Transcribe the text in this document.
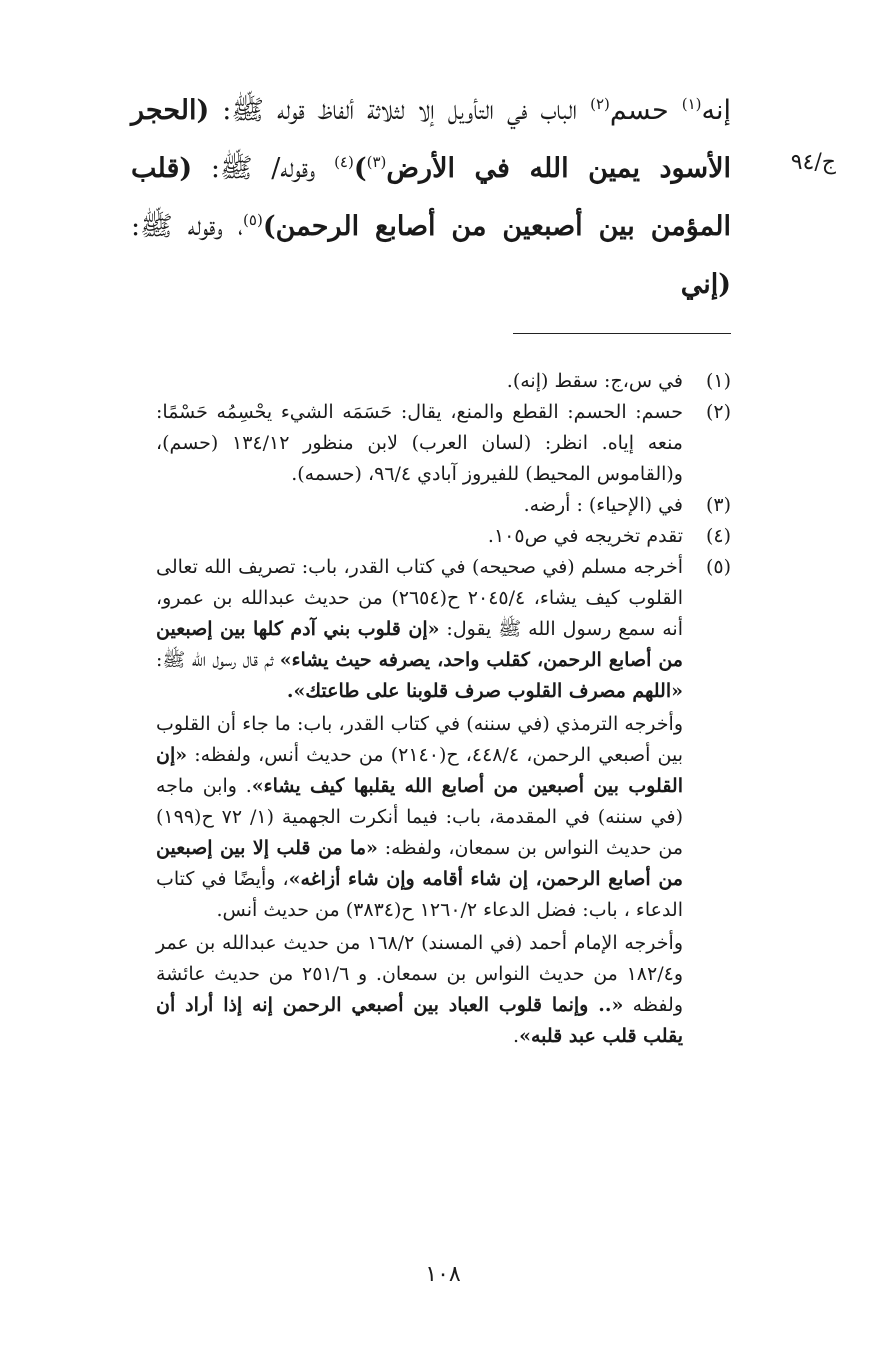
ج/٩٤
إنه$^{(١)}$ حسم$^{(٢)}$ الباب في التأويل إلا لثلاثة ألفاظ قوله ﷺ: (الحجر الأسود يمين الله في الأرض$^{(٣)}$)$^{(٤)}$ وقوله/ ﷺ: (قلب المؤمن بين أصبعين من أصابع الرحمن)$^{(٥)}$، وقوله ﷺ: (إني
(١)
في س،ج: سقط (إنه).
(٢)
حسم: الحسم: القطع والمنع، يقال: حَسَمَه الشيء يحْسِمُه حَسْمًا: منعه إياه. انظر: (لسان العرب) لابن منظور ١٣٤/١٢ (حسم)، و(القاموس المحيط) للفيروز آبادي ٩٦/٤، (حسمه).
(٣)
في (الإحياء) : أرضه.
(٤)
تقدم تخريجه في ص١٠٥.
(٥)
أخرجه مسلم (في صحيحه) في كتاب القدر، باب: تصريف الله تعالى القلوب كيف يشاء، ٢٠٤٥/٤ ح(٢٦٥٤) من حديث عبدالله بن عمرو، أنه سمع رسول الله ﷺ يقول: «إن قلوب بني آدم كلها بين إصبعين من أصابع الرحمن، كقلب واحد، يصرفه حيث يشاء» ثم قال رسول الله ﷺ: «اللهم مصرف القلوب صرف قلوبنا على طاعتك».
وأخرجه الترمذي (في سننه) في كتاب القدر، باب: ما جاء أن القلوب بين أصبعي الرحمن، ٤٤٨/٤، ح(٢١٤٠) من حديث أنس، ولفظه: «إن القلوب بين أصبعين من أصابع الله يقلبها كيف يشاء». وابن ماجه (في سننه) في المقدمة، باب: فيما أنكرت الجهمية (١/ ٧٢ ح(١٩٩) من حديث النواس بن سمعان، ولفظه: «ما من قلب إلا بين إصبعين من أصابع الرحمن، إن شاء أقامه وإن شاء أزاغه»، وأيضًا في كتاب الدعاء ، باب: فضل الدعاء ١٢٦٠/٢ ح(٣٨٣٤) من حديث أنس.
وأخرجه الإمام أحمد (في المسند) ١٦٨/٢ من حديث عبدالله بن عمر و١٨٢/٤ من حديث النواس بن سمعان. و ٢٥١/٦ من حديث عائشة ولفظه «.. وإنما قلوب العباد بين أصبعي الرحمن إنه إذا أراد أن يقلب قلب عبد قلبه».
١٠٨
